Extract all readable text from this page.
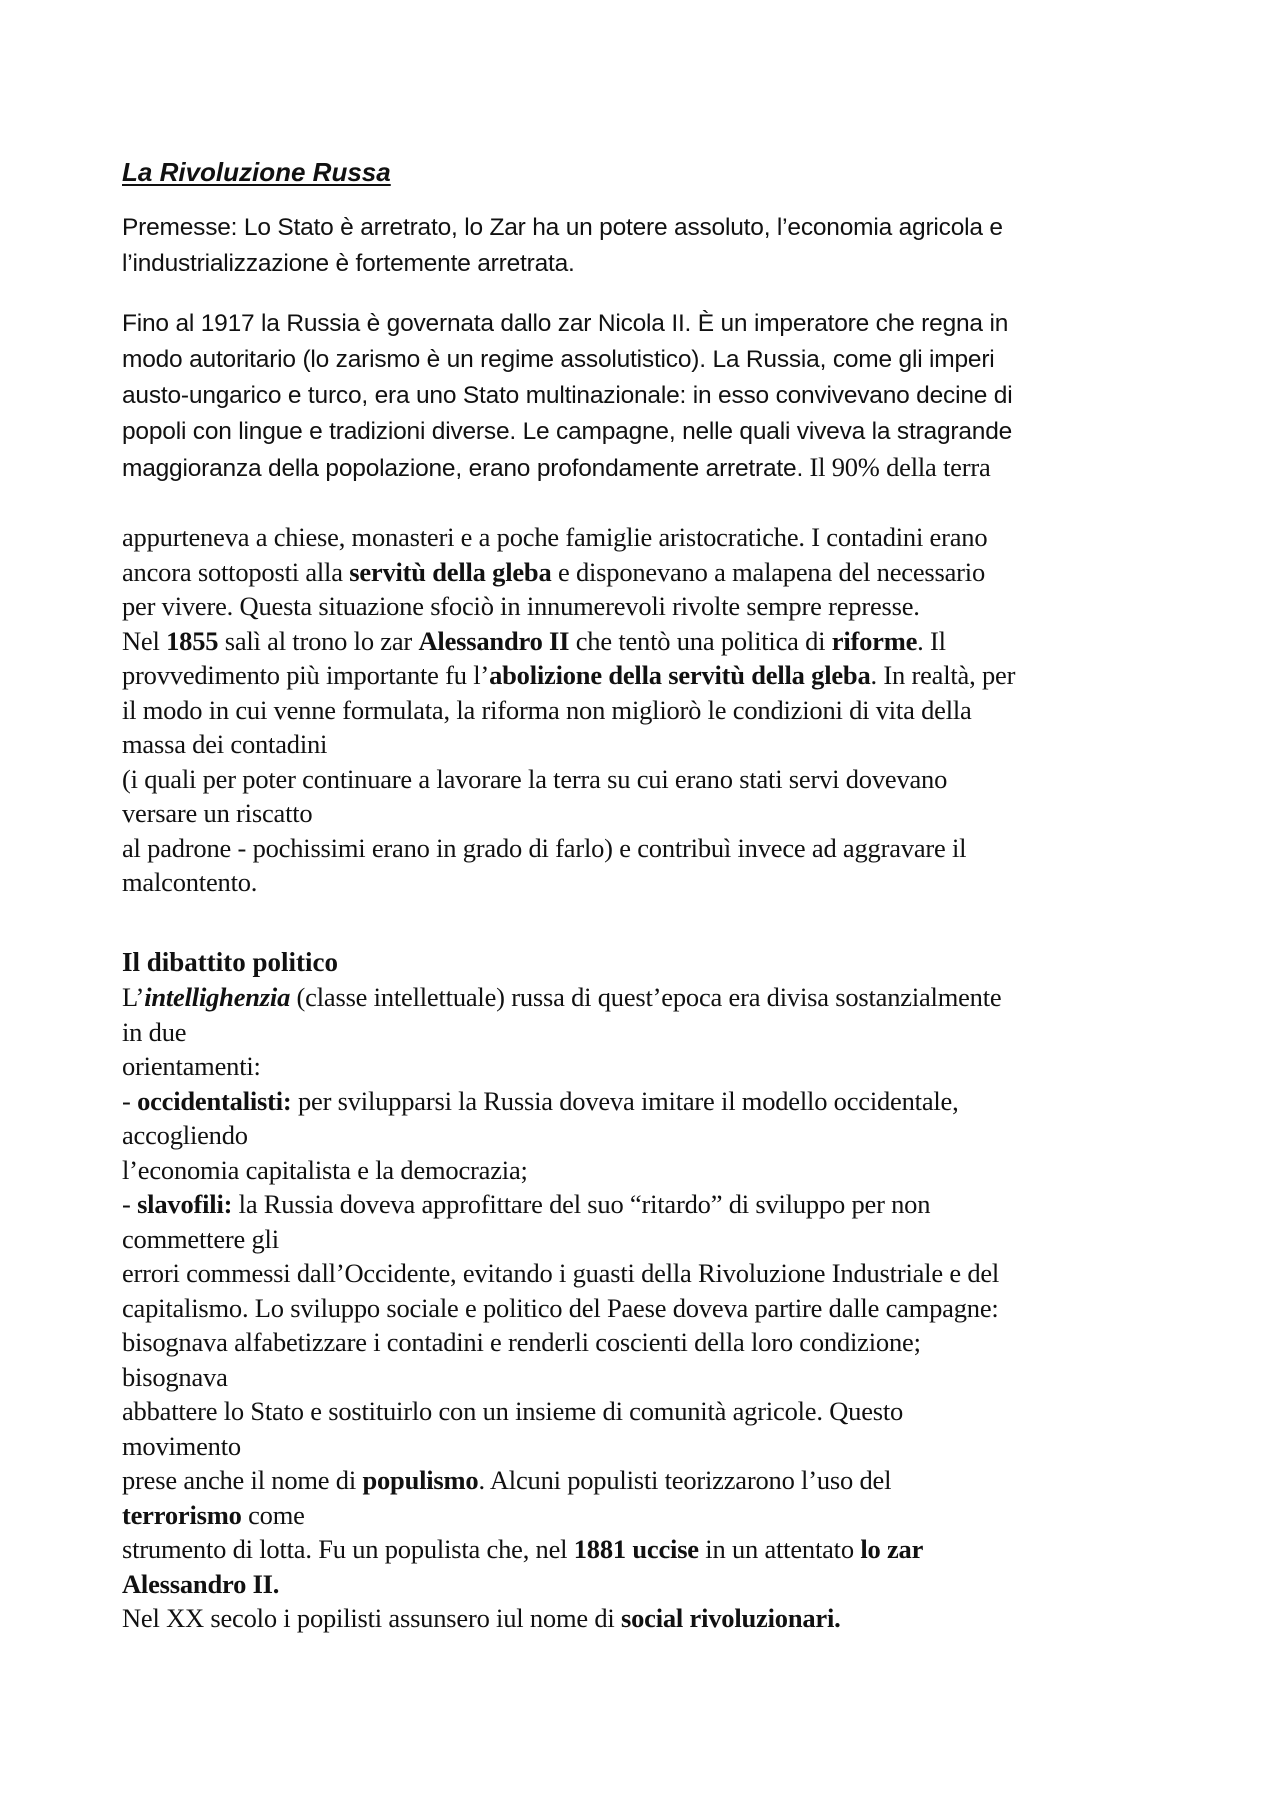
La Rivoluzione Russa

Premesse: Lo Stato è arretrato, lo Zar ha un potere assoluto, l’economia agricola e
l’industrializzazione è fortemente arretrata.

Fino al 1917 la Russia è governata dallo zar Nicola II. È un imperatore che regna in
modo autoritario (lo zarismo è un regime assolutistico). La Russia, come gli imperi
austo-ungarico e turco, era uno Stato multinazionale: in esso convivevano decine di
popoli con lingue e tradizioni diverse. Le campagne, nelle quali viveva la stragrande
maggioranza della popolazione, erano profondamente arretrate. Il 90% della terra

appurteneva a chiese, monasteri e a poche famiglie aristocratiche. I contadini erano
ancora sottoposti alla servitù della gleba e disponevano a malapena del necessario
per vivere. Questa situazione sfociò in innumerevoli rivolte sempre represse.
Nel 1855 salì al trono lo zar Alessandro II che tentò una politica di riforme. Il
provvedimento più importante fu l’abolizione della servitù della gleba. In realtà, per
il modo in cui venne formulata, la riforma non migliorò le condizioni di vita della
massa dei contadini
(i quali per poter continuare a lavorare la terra su cui erano stati servi dovevano
versare un riscatto
al padrone - pochissimi erano in grado di farlo) e contribuì invece ad aggravare il
malcontento.

Il dibattito politico

L’intellighenzia (classe intellettuale) russa di quest’epoca era divisa sostanzialmente
in due
orientamenti:
- occidentalisti: per svilupparsi la Russia doveva imitare il modello occidentale,
accogliendo
l’economia capitalista e la democrazia;
- slavofili: la Russia doveva approfittare del suo “ritardo” di sviluppo per non
commettere gli
errori commessi dall’Occidente, evitando i guasti della Rivoluzione Industriale e del
capitalismo. Lo sviluppo sociale e politico del Paese doveva partire dalle campagne:
bisognava alfabetizzare i contadini e renderli coscienti della loro condizione;
bisognava
abbattere lo Stato e sostituirlo con un insieme di comunità agricole. Questo
movimento
prese anche il nome di populismo. Alcuni populisti teorizzarono l’uso del
terrorismo come
strumento di lotta. Fu un populista che, nel 1881 uccise in un attentato lo zar
Alessandro II.
Nel XX secolo i popilisti assunsero iul nome di social rivoluzionari.
